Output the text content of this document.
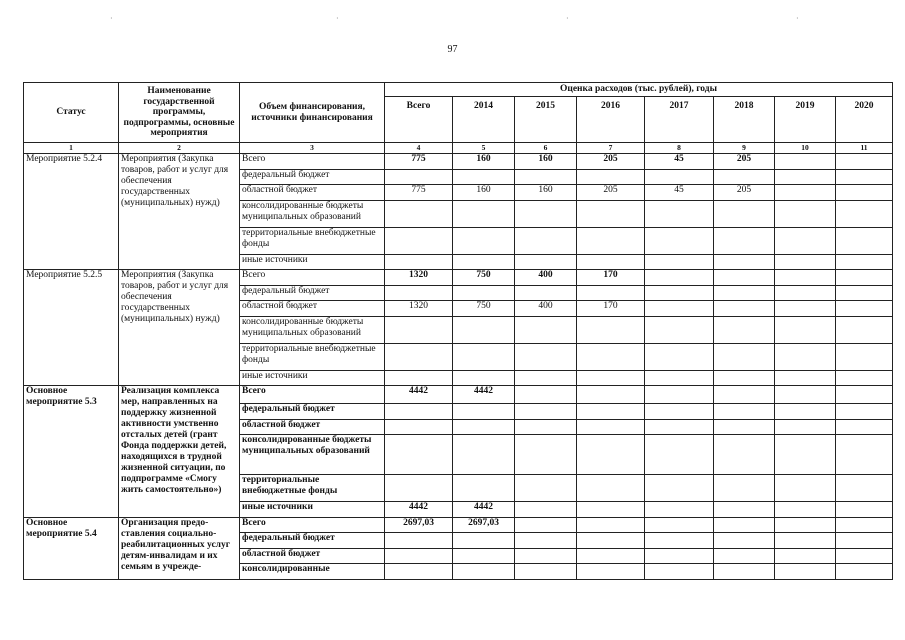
·	·	·	·
97
Статус	Наименование государственной программы, подпрограммы, основные мероприятия	Объем финансирования, источники финансирования	Оценка расходов (тыс. рублей), годы							
			Всего	2014	2015	2016	2017	2018	2019	2020
1	2	3	4	5	6	7	8	9	10	11
Мероприятие 5.2.4	Мероприятия (Закупка товаров, работ и услуг для обеспечения государственных (муниципальных) нужд)	Всего	775	160	160	205	45	205		
		федеральный бюджет								
		областной бюджет	775	160	160	205	45	205		
		консолидированные бюджеты муниципальных образований								
		территориальные внебюджетные фонды								
		иные источники								
Мероприятие 5.2.5	Мероприятия (Закупка товаров, работ и услуг для обеспечения государственных (муниципальных) нужд)	Всего	1320	750	400	170				
		федеральный бюджет								
		областной бюджет	1320	750	400	170				
		консолидированные бюджеты муниципальных образований								
		территориальные внебюджетные фонды								
		иные источники								
Основное мероприятие 5.3	Реализация комплекса мер, направленных на поддержку жизненной активности умственно отсталых детей (грант Фонда поддержки детей, находящихся в трудной жизненной ситуации, по подпрограмме «Смогу жить самостоятельно»)	Всего	4442	4442						
		федеральный бюджет								
		областной бюджет								
		консолидированные бюджеты муниципальных образований								
		территориальные внебюджетные фонды								
		иные источники	4442	4442						
Основное мероприятие 5.4	Организация предо-ставления социально-реабилитационных услуг детям-инвалидам и их семьям в учрежде-	Всего	2697,03	2697,03						
		федеральный бюджет								
		областной бюджет								
		консолидированные								
